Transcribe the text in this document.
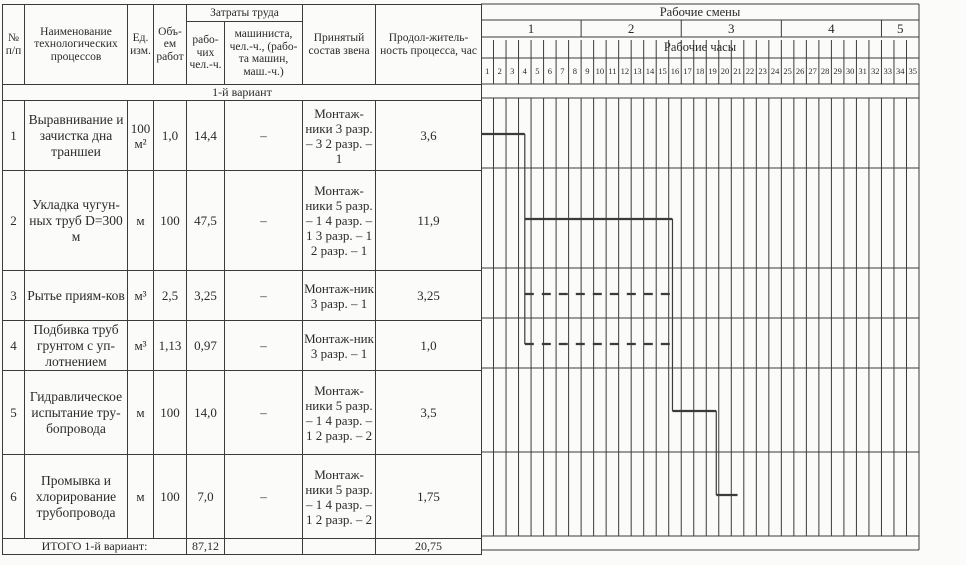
№ п/п	Наименование технологических процессов	Ед. изм.	Объ-ем работ	Затраты труда		Принятый состав звена	Продол-житель-ность процесса, час
				рабо-чих чел.-ч.	машиниста, чел.-ч., (рабо-та машин, маш.-ч.)		

1-й вариант							
1	Выравнивание и зачистка дна траншеи	100 м²	1,0	14,4	–	Монтаж-ники 3 разр. – 3 2 разр. – 1	3,6
2	Укладка чугун-ных труб D=300 м	м	100	47,5	–	Монтаж-ники 5 разр. – 1 4 разр. – 1 3 разр. – 1 2 разр. – 1	11,9
3	Рытье приям-ков	м³	2,5	3,25	–	Монтаж-ник 3 разр. – 1	3,25
4	Подбивка труб грунтом с уп-лотнением	м³	1,13	0,97	–	Монтаж-ник 3 разр. – 1	1,0
5	Гидравлическое испытание тру-бопровода	м	100	14,0	–	Монтаж-ники 5 разр. – 1 4 разр. – 1 2 разр. – 2	3,5
6	Промывка и хлорирование трубопровода	м	100	7,0	–	Монтаж-ники 5 разр. – 1 4 разр. – 1 2 разр. – 2	1,75
ИТОГО 1-й вариант:				87,12			20,75
Рабочие смены
Рабочие часы
1	2	3	4	5
1 2 3 4 5 6 7 8 9 10 11 12 13 14 15 16 17 18 19 20 21 22 23 24 25 26 27 28 29 30 31 32 33 34 35
